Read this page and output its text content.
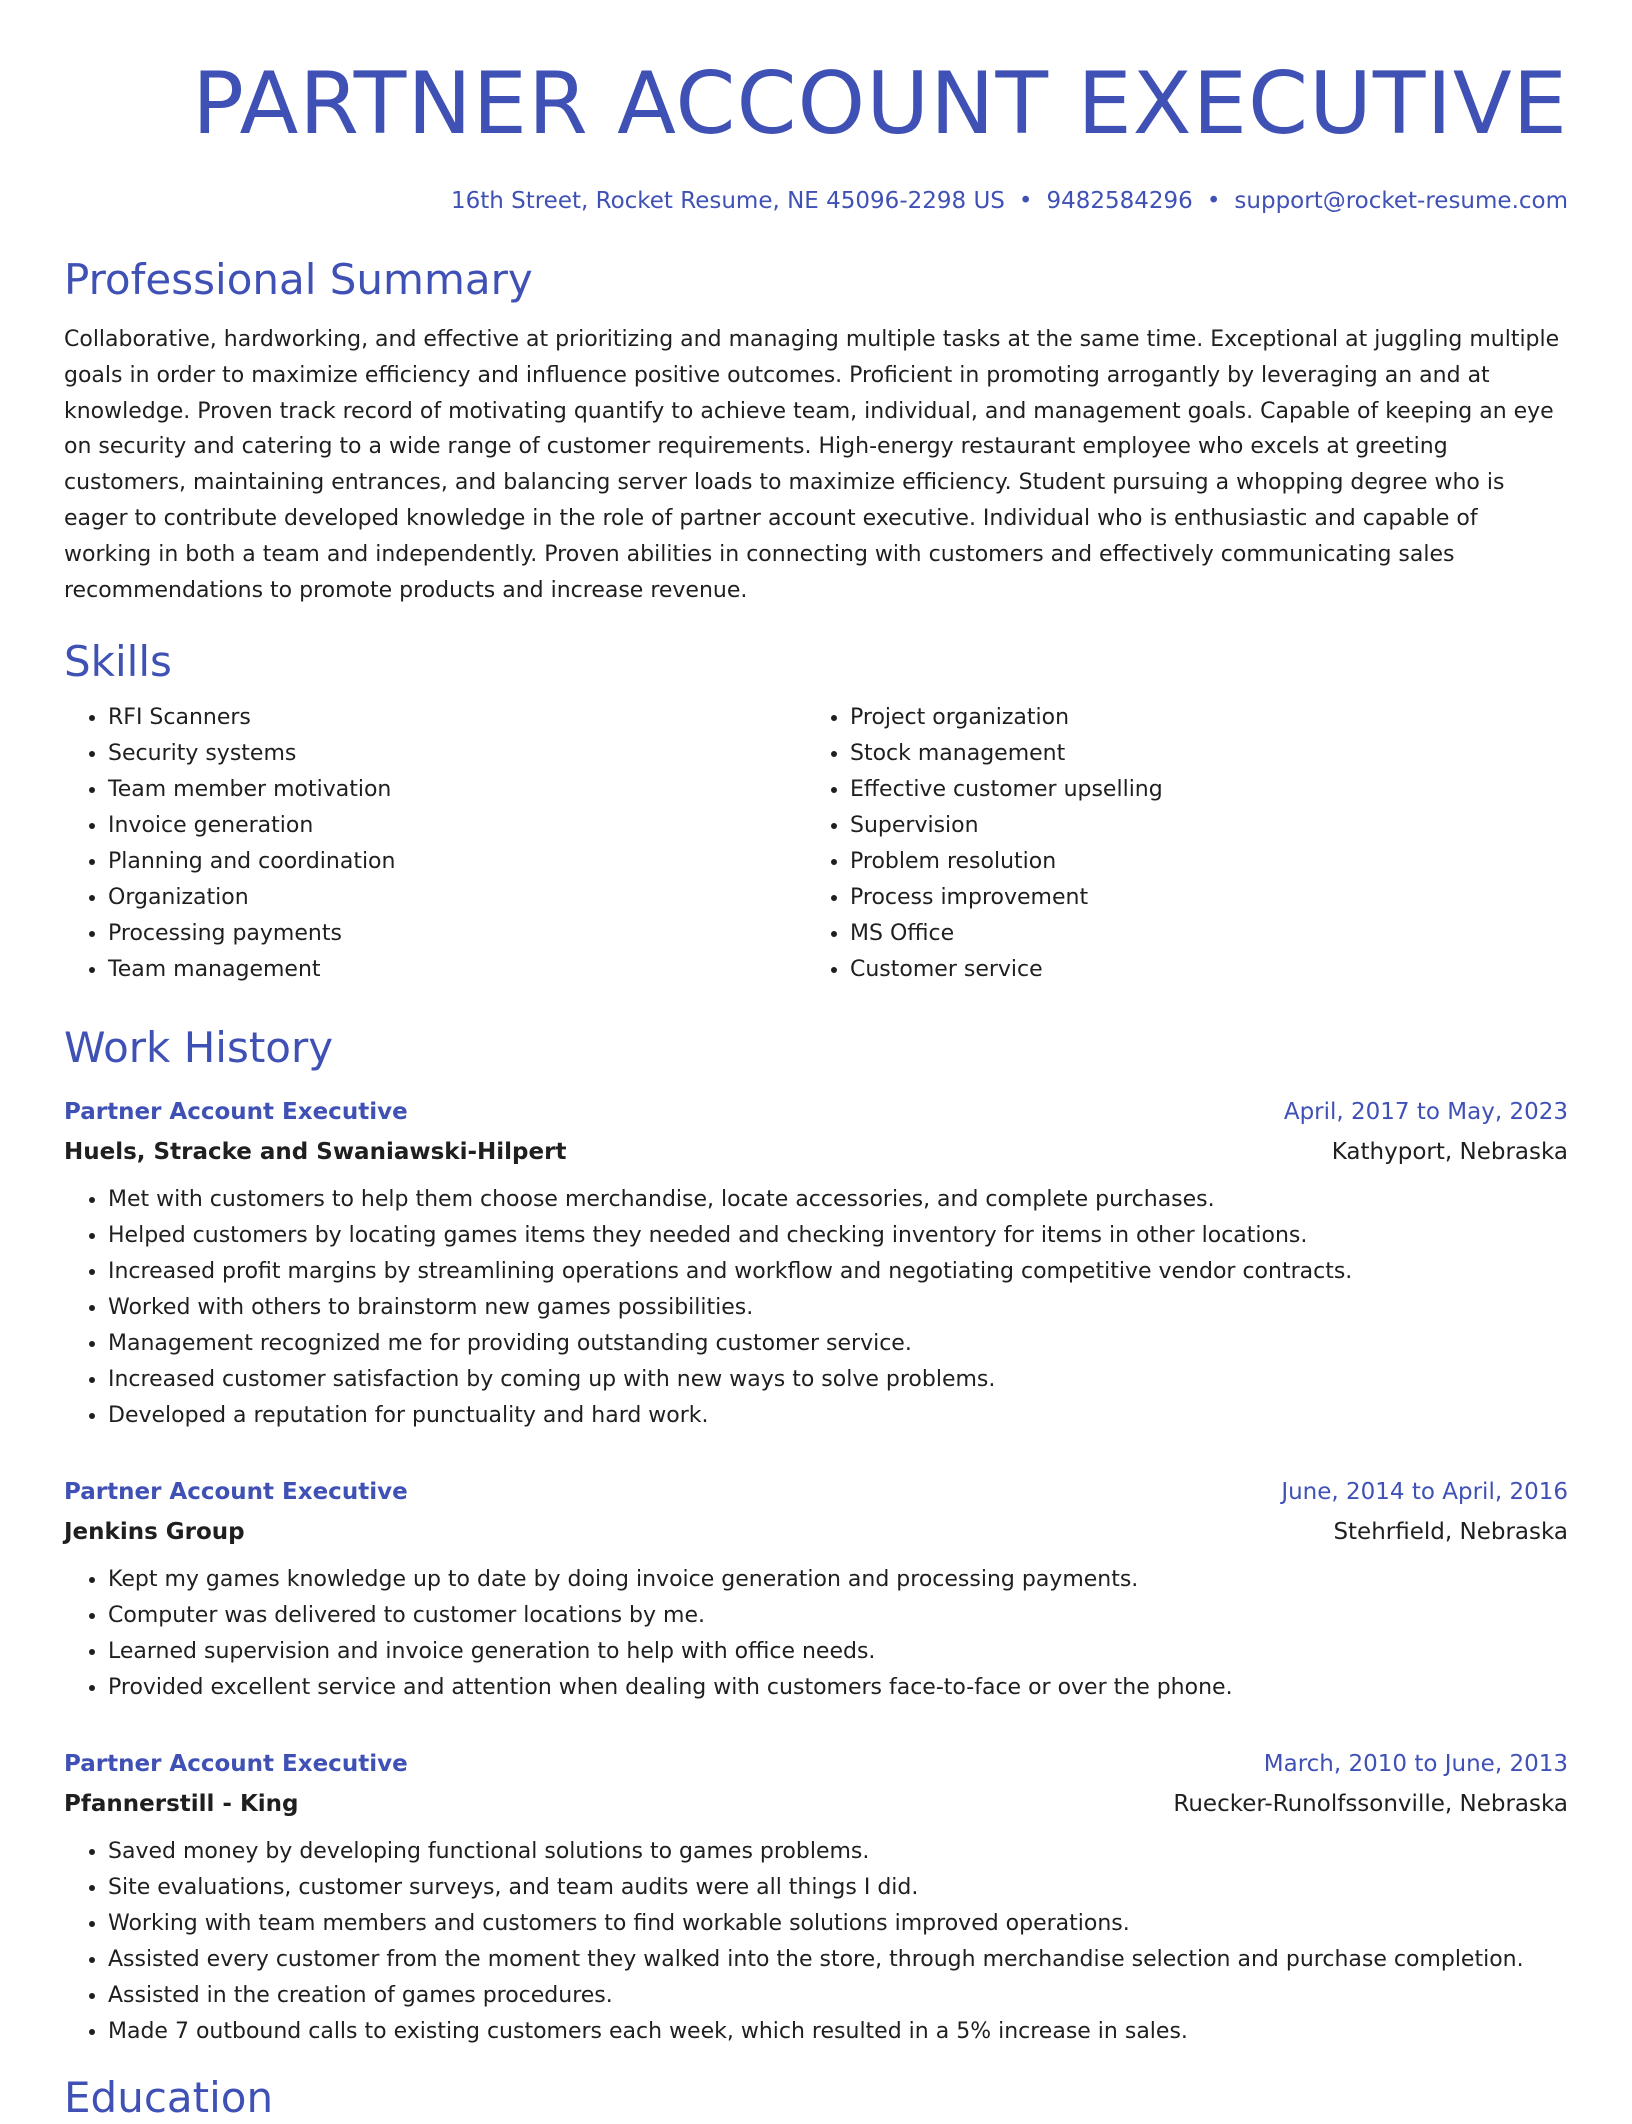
PARTNER ACCOUNT EXECUTIVE
16th Street, Rocket Resume, NE 45096-2298 US • 9482584296 • support@rocket-resume.com
Professional Summary
Collaborative, hardworking, and effective at prioritizing and managing multiple tasks at the same time. Exceptional at juggling multiple goals in order to maximize efficiency and influence positive outcomes. Proficient in promoting arrogantly by leveraging an and at knowledge. Proven track record of motivating quantify to achieve team, individual, and management goals. Capable of keeping an eye on security and catering to a wide range of customer requirements. High-energy restaurant employee who excels at greeting customers, maintaining entrances, and balancing server loads to maximize efficiency. Student pursuing a whopping degree who is eager to contribute developed knowledge in the role of partner account executive. Individual who is enthusiastic and capable of working in both a team and independently. Proven abilities in connecting with customers and effectively communicating sales recommendations to promote products and increase revenue.
Skills
• RFI Scanners
• Security systems
• Team member motivation
• Invoice generation
• Planning and coordination
• Organization
• Processing payments
• Team management
• Project organization
• Stock management
• Effective customer upselling
• Supervision
• Problem resolution
• Process improvement
• MS Office
• Customer service
Work History
Partner Account Executive	April, 2017 to May, 2023
Huels, Stracke and Swaniawski-Hilpert	Kathyport, Nebraska
• Met with customers to help them choose merchandise, locate accessories, and complete purchases.
• Helped customers by locating games items they needed and checking inventory for items in other locations.
• Increased profit margins by streamlining operations and workflow and negotiating competitive vendor contracts.
• Worked with others to brainstorm new games possibilities.
• Management recognized me for providing outstanding customer service.
• Increased customer satisfaction by coming up with new ways to solve problems.
• Developed a reputation for punctuality and hard work.
Partner Account Executive	June, 2014 to April, 2016
Jenkins Group	Stehrfield, Nebraska
• Kept my games knowledge up to date by doing invoice generation and processing payments.
• Computer was delivered to customer locations by me.
• Learned supervision and invoice generation to help with office needs.
• Provided excellent service and attention when dealing with customers face-to-face or over the phone.
Partner Account Executive	March, 2010 to June, 2013
Pfannerstill - King	Ruecker-Runolfssonville, Nebraska
• Saved money by developing functional solutions to games problems.
• Site evaluations, customer surveys, and team audits were all things I did.
• Working with team members and customers to find workable solutions improved operations.
• Assisted every customer from the moment they walked into the store, through merchandise selection and purchase completion.
• Assisted in the creation of games procedures.
• Made 7 outbound calls to existing customers each week, which resulted in a 5% increase in sales.
Education
